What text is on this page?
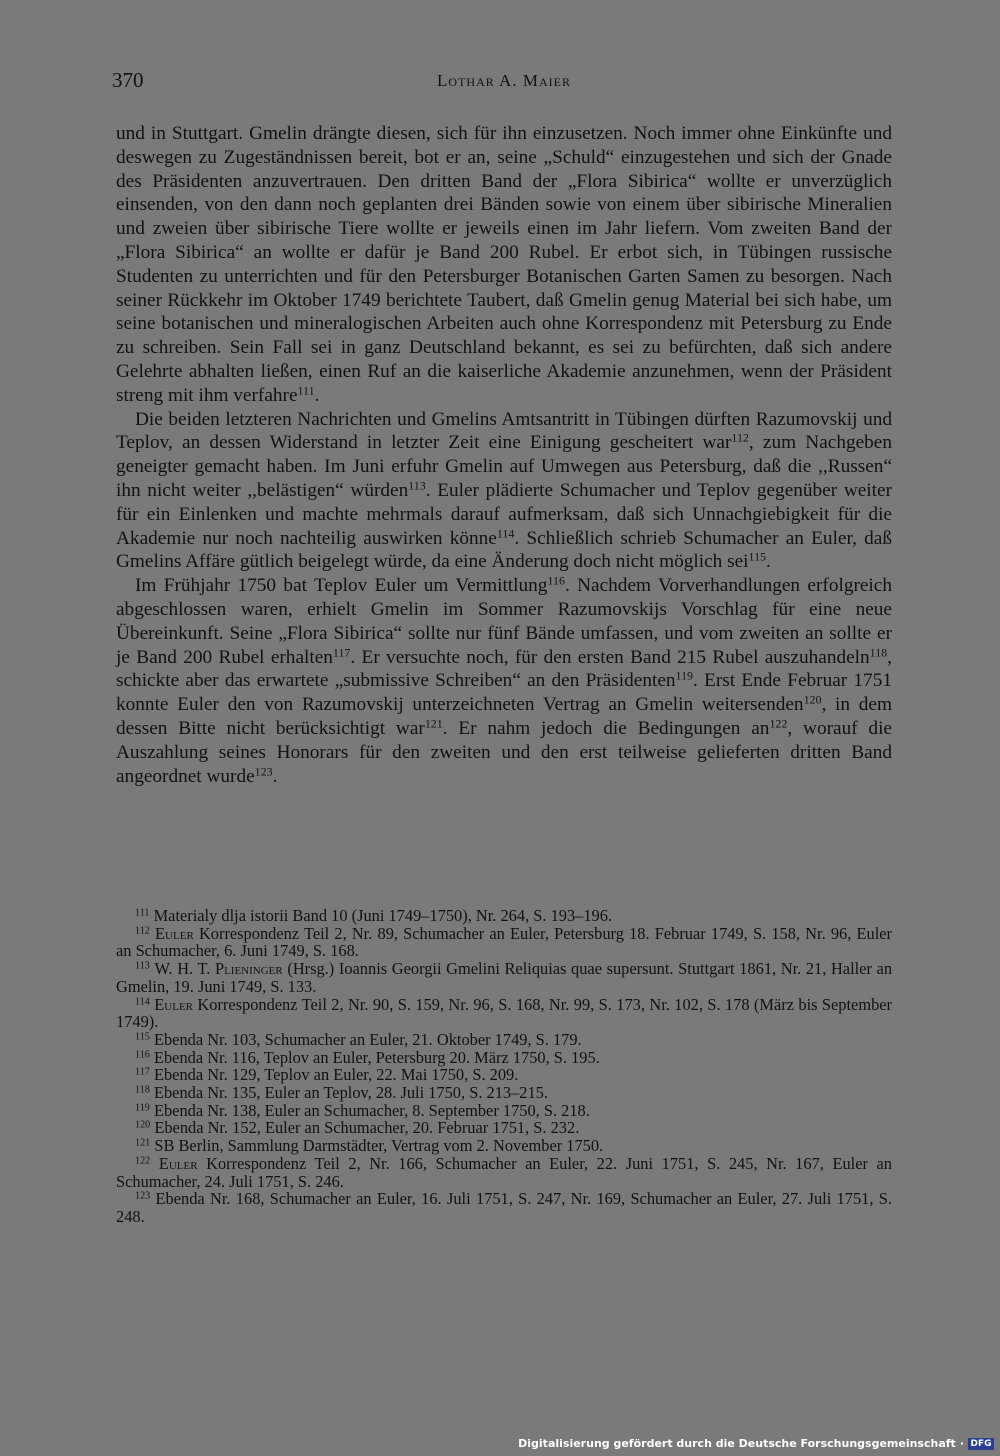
370	Lothar A. Maier

und in Stuttgart. Gmelin drängte diesen, sich für ihn einzusetzen. Noch immer ohne Einkünfte und deswegen zu Zugeständnissen bereit, bot er an, seine „Schuld“ einzugestehen und sich der Gnade des Präsidenten anzuvertrauen. Den dritten Band der „Flora Sibirica“ wollte er unverzüglich einsenden, von den dann noch geplanten drei Bänden sowie von einem über sibirische Mineralien und zweien über sibirische Tiere wollte er jeweils einen im Jahr liefern. Vom zweiten Band der „Flora Sibirica“ an wollte er dafür je Band 200 Rubel. Er erbot sich, in Tübingen russische Studenten zu unterrichten und für den Petersburger Botanischen Garten Samen zu besorgen. Nach seiner Rückkehr im Oktober 1749 berichtete Taubert, daß Gmelin genug Material bei sich habe, um seine botanischen und mineralogischen Arbeiten auch ohne Korrespondenz mit Petersburg zu Ende zu schreiben. Sein Fall sei in ganz Deutschland bekannt, es sei zu befürchten, daß sich andere Gelehrte abhalten ließen, einen Ruf an die kaiserliche Akademie anzunehmen, wenn der Präsident streng mit ihm verfahre$^{111}$.

Die beiden letzteren Nachrichten und Gmelins Amtsantritt in Tübingen dürften Razumovskij und Teplov, an dessen Widerstand in letzter Zeit eine Einigung gescheitert war$^{112}$, zum Nachgeben geneigter gemacht haben. Im Juni erfuhr Gmelin auf Umwegen aus Petersburg, daß die ,,Russen“ ihn nicht weiter ,,belästigen“ würden$^{113}$. Euler plädierte Schumacher und Teplov gegenüber weiter für ein Einlenken und machte mehrmals darauf aufmerksam, daß sich Unnachgiebigkeit für die Akademie nur noch nachteilig auswirken könne$^{114}$. Schließlich schrieb Schumacher an Euler, daß Gmelins Affäre gütlich beigelegt würde, da eine Änderung doch nicht möglich sei$^{115}$.

Im Frühjahr 1750 bat Teplov Euler um Vermittlung$^{116}$. Nachdem Vorverhandlungen erfolgreich abgeschlossen waren, erhielt Gmelin im Sommer Razumovskijs Vorschlag für eine neue Übereinkunft. Seine „Flora Sibirica“ sollte nur fünf Bände umfassen, und vom zweiten an sollte er je Band 200 Rubel erhalten$^{117}$. Er versuchte noch, für den ersten Band 215 Rubel auszuhandeln$^{118}$, schickte aber das erwartete „submissive Schreiben“ an den Präsidenten$^{119}$. Erst Ende Februar 1751 konnte Euler den von Razumovskij unterzeichneten Vertrag an Gmelin weitersenden$^{120}$, in dem dessen Bitte nicht berücksichtigt war$^{121}$. Er nahm jedoch die Bedingungen $an^{122}$, worauf die Auszahlung seines Honorars für den zweiten und den erst teilweise gelieferten dritten Band angeordnet wurde$^{123}$.

$^{111}$ Materialy dlja istorii Band 10 (Juni 1749–1750), Nr. 264, S. 193–196.

$^{112}$ Euler Korrespondenz Teil 2, Nr. 89, Schumacher an Euler, Petersburg 18. Februar 1749, S. 158, Nr. 96, Euler an Schumacher, 6. Juni 1749, S. 168.

$^{113}$ W. H. T. Plieninger (Hrsg.) Ioannis Georgii Gmelini Reliquias quae supersunt. Stuttgart 1861, Nr. 21, Haller an Gmelin, 19. Juni 1749, S. 133.

$^{114}$ Euler Korrespondenz Teil 2, Nr. 90, S. 159, Nr. 96, S. 168, Nr. 99, S. 173, Nr. 102, S. 178 (März bis September 1749).

$^{115}$ Ebenda Nr. 103, Schumacher an Euler, 21. Oktober 1749, S. 179.

$^{116}$ Ebenda Nr. 116, Teplov an Euler, Petersburg 20. März 1750, S. 195.

$^{117}$ Ebenda Nr. 129, Teplov an Euler, 22. Mai 1750, S. 209.

$^{118}$ Ebenda Nr. 135, Euler an Teplov, 28. Juli 1750, S. 213–215.

$^{119}$ Ebenda Nr. 138, Euler an Schumacher, 8. September 1750, S. 218.

$^{120}$ Ebenda Nr. 152, Euler an Schumacher, 20. Februar 1751, S. 232.

$^{121}$ SB Berlin, Sammlung Darmstädter, Vertrag vom 2. November 1750.

$^{122}$ Euler Korrespondenz Teil 2, Nr. 166, Schumacher an Euler, 22. Juni 1751, S. 245, Nr. 167, Euler an Schumacher, 24. Juli 1751, S. 246.

$^{123}$ Ebenda Nr. 168, Schumacher an Euler, 16. Juli 1751, S. 247, Nr. 169, Schumacher an Euler, 27. Juli 1751, S. 248.

Digitalisierung gefördert durch die Deutsche Forschungsgemeinschaft · DFG
